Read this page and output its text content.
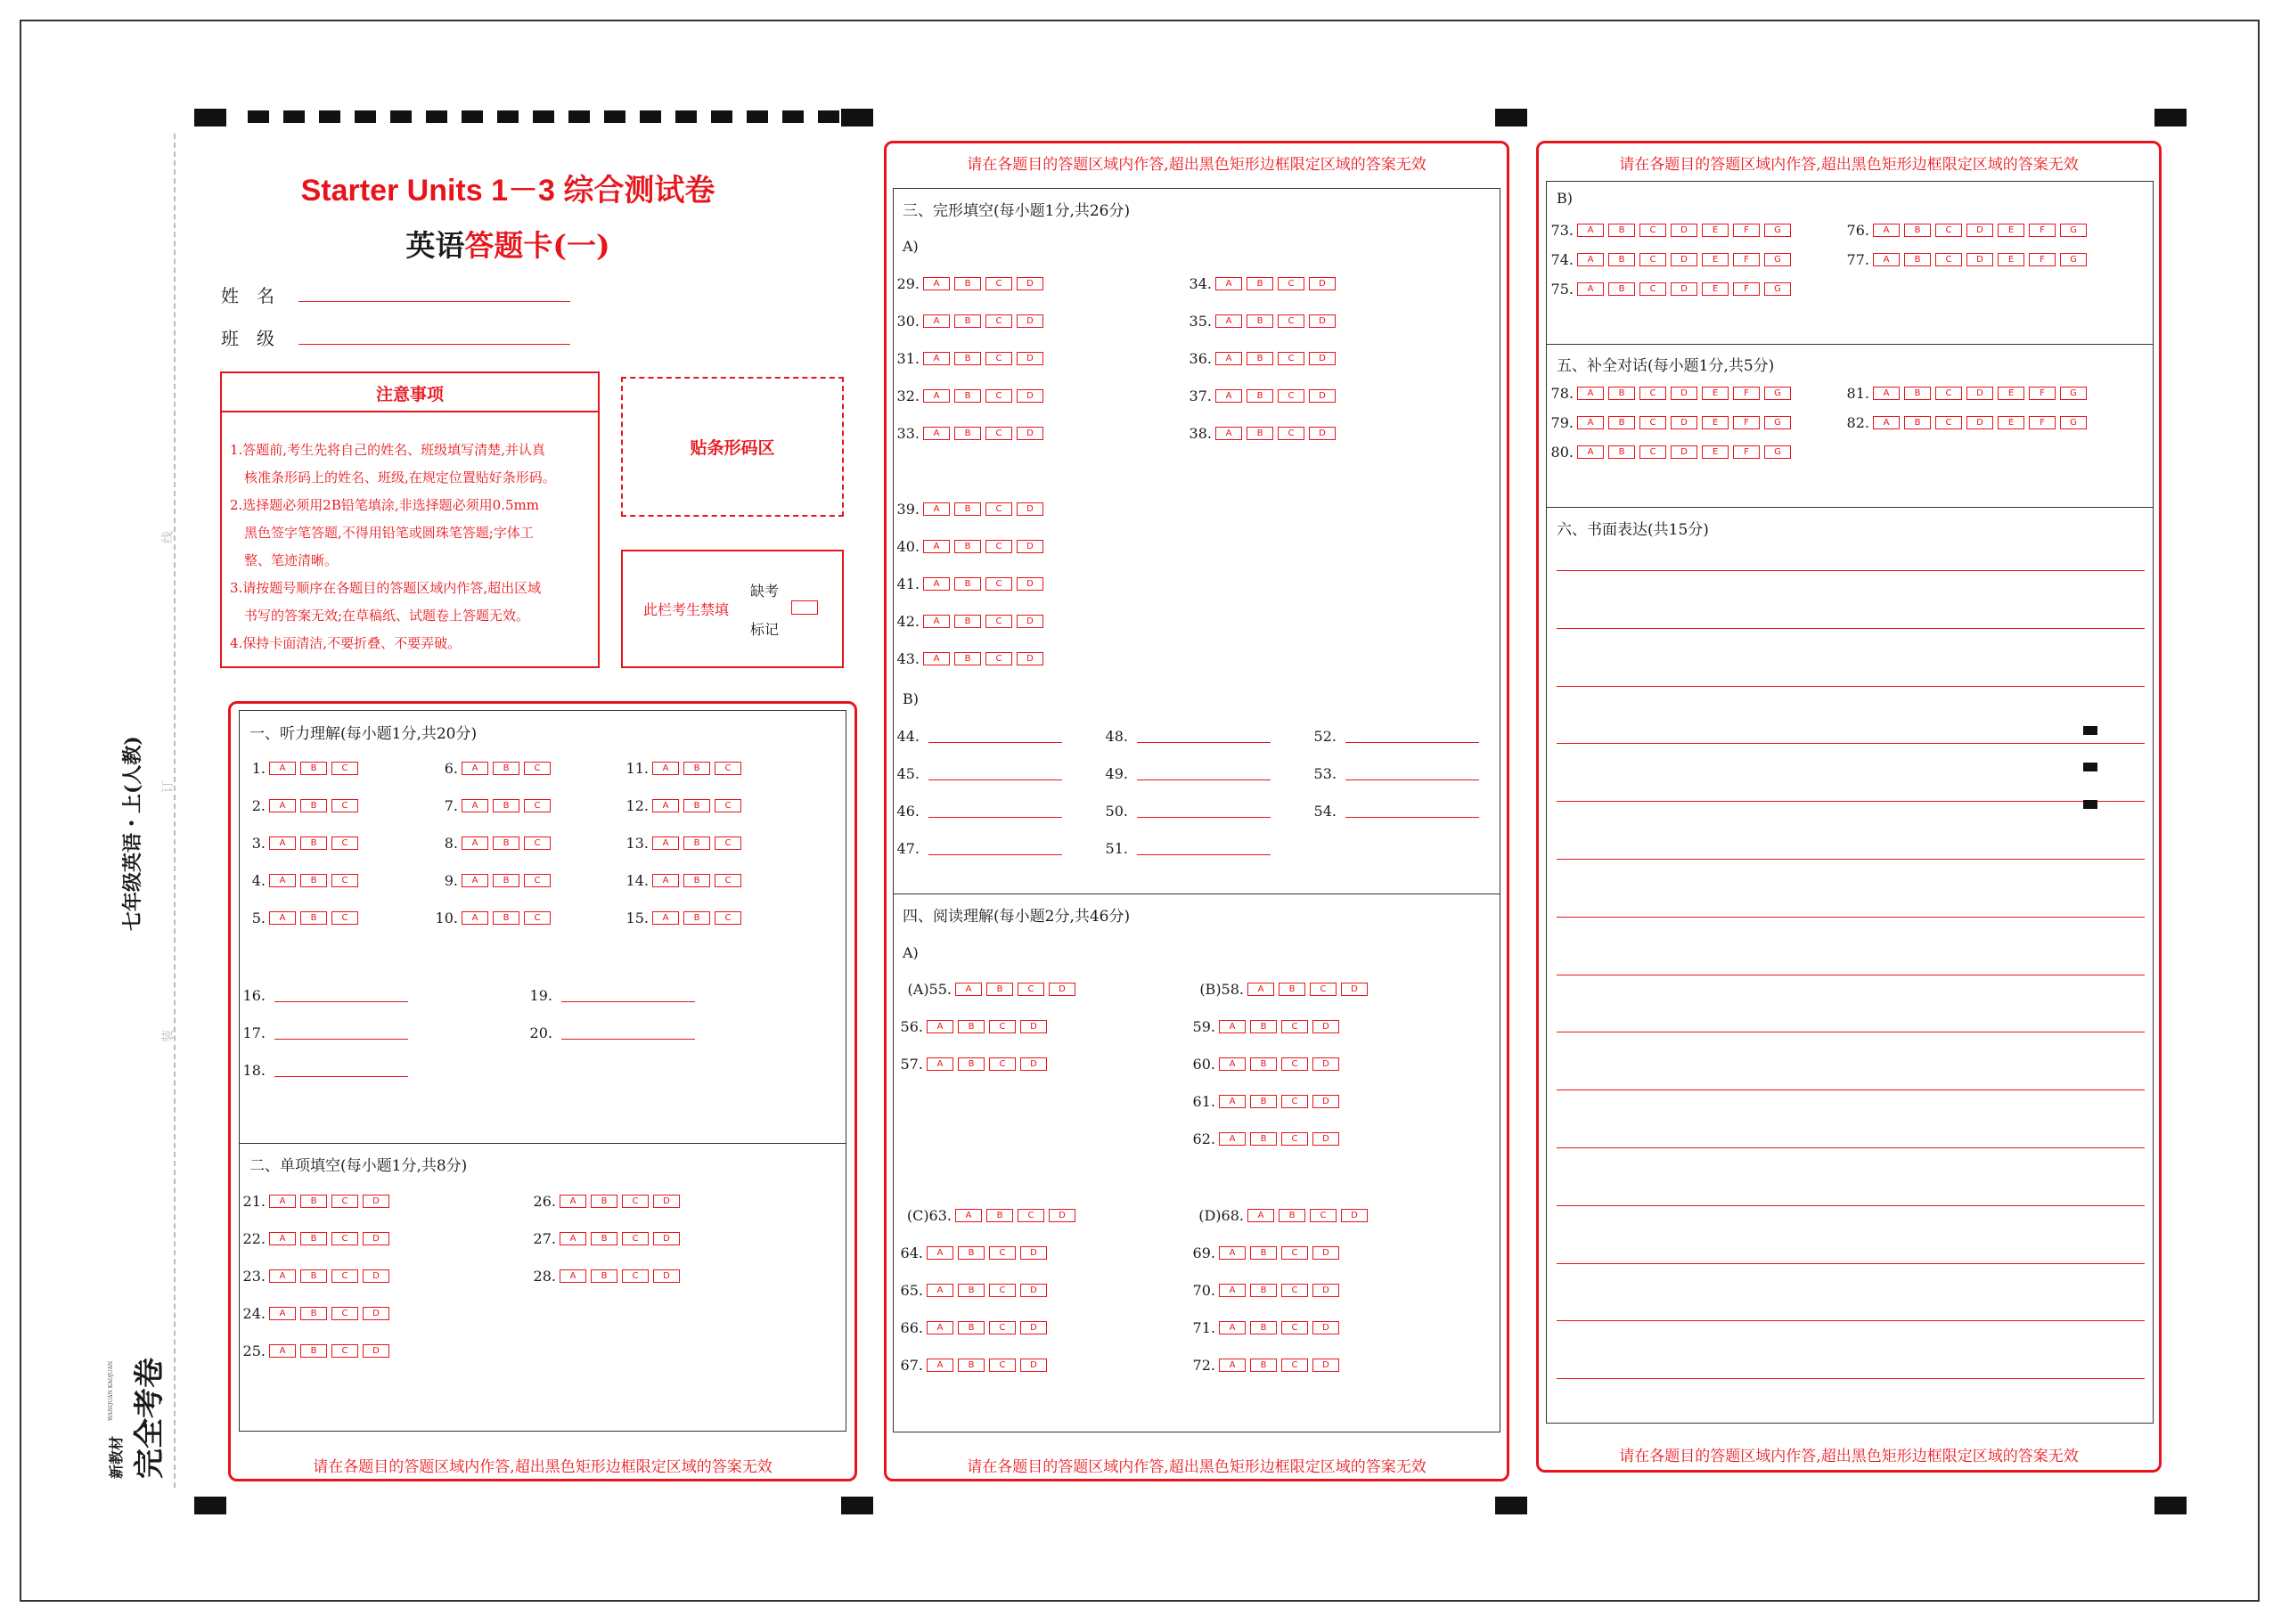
线
订
装
七年级英语・上(人教)
新教材 完全考卷
WANQUAN KAOJUAN
Starter Units 1－3 综合测试卷
英语答题卡(一)
姓　名
班　级
注意事项
1.答题前,考生先将自己的姓名、班级填写清楚,并认真
核准条形码上的姓名、班级,在规定位置贴好条形码。
2.选择题必须用2B铅笔填涂,非选择题必须用0.5mm
黑色签字笔答题,不得用铅笔或圆珠笔答题;字体工
整、笔迹清晰。
3.请按题号顺序在各题目的答题区域内作答,超出区域
书写的答案无效;在草稿纸、试题卷上答题无效。
4.保持卡面清洁,不要折叠、不要弄破。
贴条形码区
此栏考生禁填
缺考
标记
请在各题目的答题区域内作答,超出黑色矩形边框限定区域的答案无效
一、听力理解(每小题1分,共20分)
二、单项填空(每小题1分,共8分)
请在各题目的答题区域内作答,超出黑色矩形边框限定区域的答案无效
请在各题目的答题区域内作答,超出黑色矩形边框限定区域的答案无效
三、完形填空(每小题1分,共26分)
A)
B)
四、阅读理解(每小题2分,共46分)
A)
请在各题目的答题区域内作答,超出黑色矩形边框限定区域的答案无效
请在各题目的答题区域内作答,超出黑色矩形边框限定区域的答案无效
B)
五、补全对话(每小题1分,共5分)
六、书面表达(共15分)
1.	A	B	C
2.	A	B	C
3.	A	B	C
4.	A	B	C
5.	A	B	C
6.	A	B	C
7.	A	B	C
8.	A	B	C
9.	A	B	C
10.	A	B	C
11.	A	B	C
12.	A	B	C
13.	A	B	C
14.	A	B	C
15.	A	B	C
16.
17.
18.
19.
20.
21.	A	B	C	D
22.	A	B	C	D
23.	A	B	C	D
24.	A	B	C	D
25.	A	B	C	D
26.	A	B	C	D
27.	A	B	C	D
28.	A	B	C	D
29.	A	B	C	D
30.	A	B	C	D
31.	A	B	C	D
32.	A	B	C	D
33.	A	B	C	D
34.	A	B	C	D
35.	A	B	C	D
36.	A	B	C	D
37.	A	B	C	D
38.	A	B	C	D
39.	A	B	C	D
40.	A	B	C	D
41.	A	B	C	D
42.	A	B	C	D
43.	A	B	C	D
44.
45.
46.
47.
48.
49.
50.
51.
52.
53.
54.
(A)55.	A	B	C	D
56.	A	B	C	D
57.	A	B	C	D
(B)58.	A	B	C	D
59.	A	B	C	D
60.	A	B	C	D
61.	A	B	C	D
62.	A	B	C	D
(C)63.	A	B	C	D
64.	A	B	C	D
65.	A	B	C	D
66.	A	B	C	D
67.	A	B	C	D
(D)68.	A	B	C	D
69.	A	B	C	D
70.	A	B	C	D
71.	A	B	C	D
72.	A	B	C	D
73.	A	B	C	D	E	F	G
74.	A	B	C	D	E	F	G
75.	A	B	C	D	E	F	G
76.	A	B	C	D	E	F	G
77.	A	B	C	D	E	F	G
78.	A	B	C	D	E	F	G
79.	A	B	C	D	E	F	G
80.	A	B	C	D	E	F	G
81.	A	B	C	D	E	F	G
82.	A	B	C	D	E	F	G
